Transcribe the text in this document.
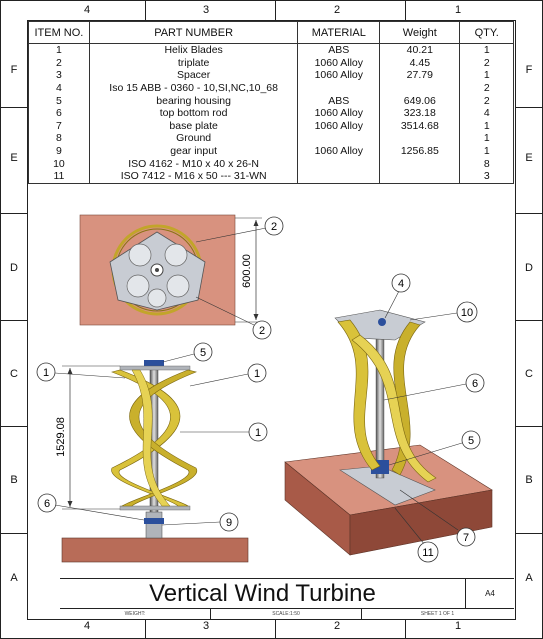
4	3	2	1
4	3	2	1
F
E
D
C
B
A
F
E
D
C
B
A
ITEM NO.	PART NUMBER	MATERIAL	Weight	QTY.
1	Helix Blades	ABS	40.21	1
2	triplate	1060 Alloy	4.45	2
3	Spacer	1060 Alloy	27.79	1
4	Iso 15 ABB - 0360 - 10,SI,NC,10_68			2
5	bearing housing	ABS	649.06	2
6	top bottom rod	1060 Alloy	323.18	4
7	base plate	1060 Alloy	3514.68	1
8	Ground			1
9	gear input	1060 Alloy	1256.85	1
10	ISO 4162 - M10 x 40 x 26-N			8
11	ISO 7412 - M16 x 50 --- 31-WN			3
600.00
2
2
1529.08
1	1
1
5
6
9
4
10
6
5
7
11
Vertical Wind Turbine	A4
WEIGHT:	SCALE:1:50	SHEET 1 OF 1
